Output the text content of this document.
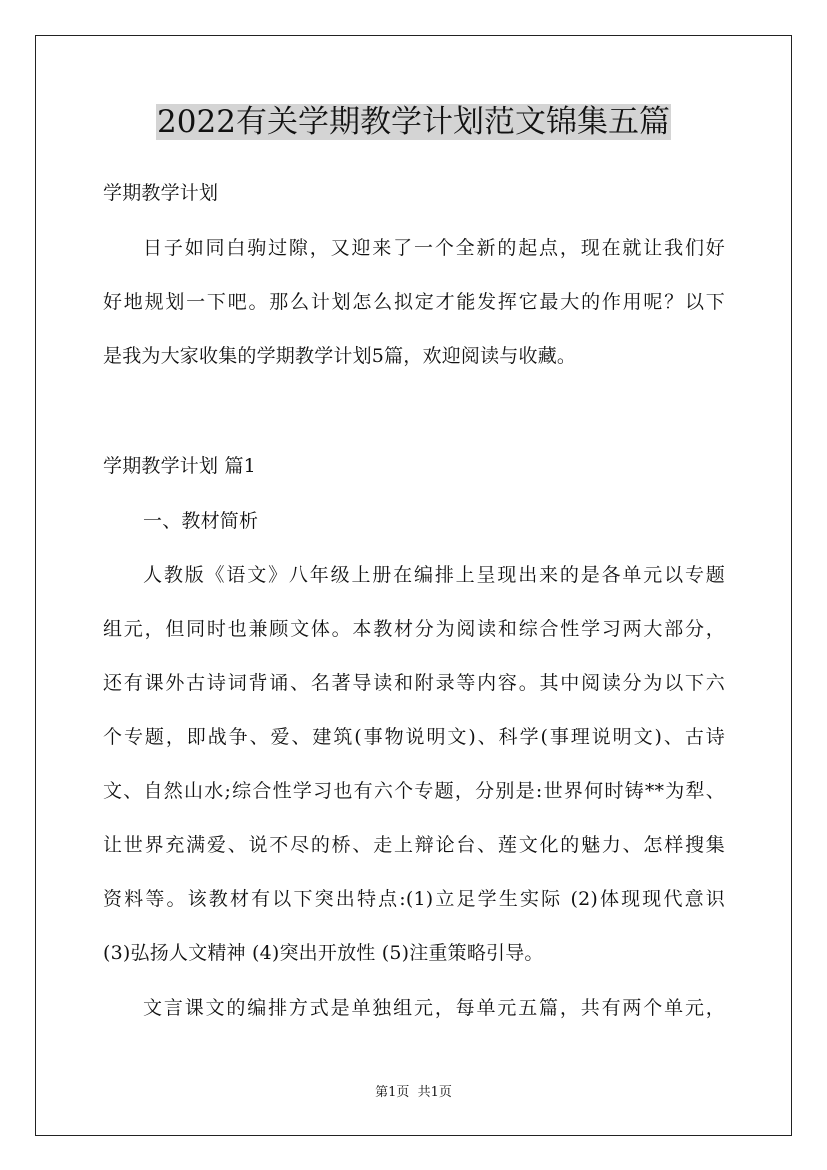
2022有关学期教学计划范文锦集五篇
学期教学计划
日子如同白驹过隙，又迎来了一个全新的起点，现在就让我们好
好地规划一下吧。那么计划怎么拟定才能发挥它最大的作用呢？以下
是我为大家收集的学期教学计划5篇，欢迎阅读与收藏。
学期教学计划 篇1
一、教材简析
人教版《语文》八年级上册在编排上呈现出来的是各单元以专题
组元，但同时也兼顾文体。本教材分为阅读和综合性学习两大部分，
还有课外古诗词背诵、名著导读和附录等内容。其中阅读分为以下六
个专题，即战争、爱、建筑(事物说明文)、科学(事理说明文)、古诗
文、自然山水;综合性学习也有六个专题，分别是:世界何时铸**为犁、
让世界充满爱、说不尽的桥、走上辩论台、莲文化的魅力、怎样搜集
资料等。该教材有以下突出特点:(1)立足学生实际 (2)体现现代意识
(3)弘扬人文精神 (4)突出开放性 (5)注重策略引导。
文言课文的编排方式是单独组元，每单元五篇，共有两个单元，
第1页  共1页
